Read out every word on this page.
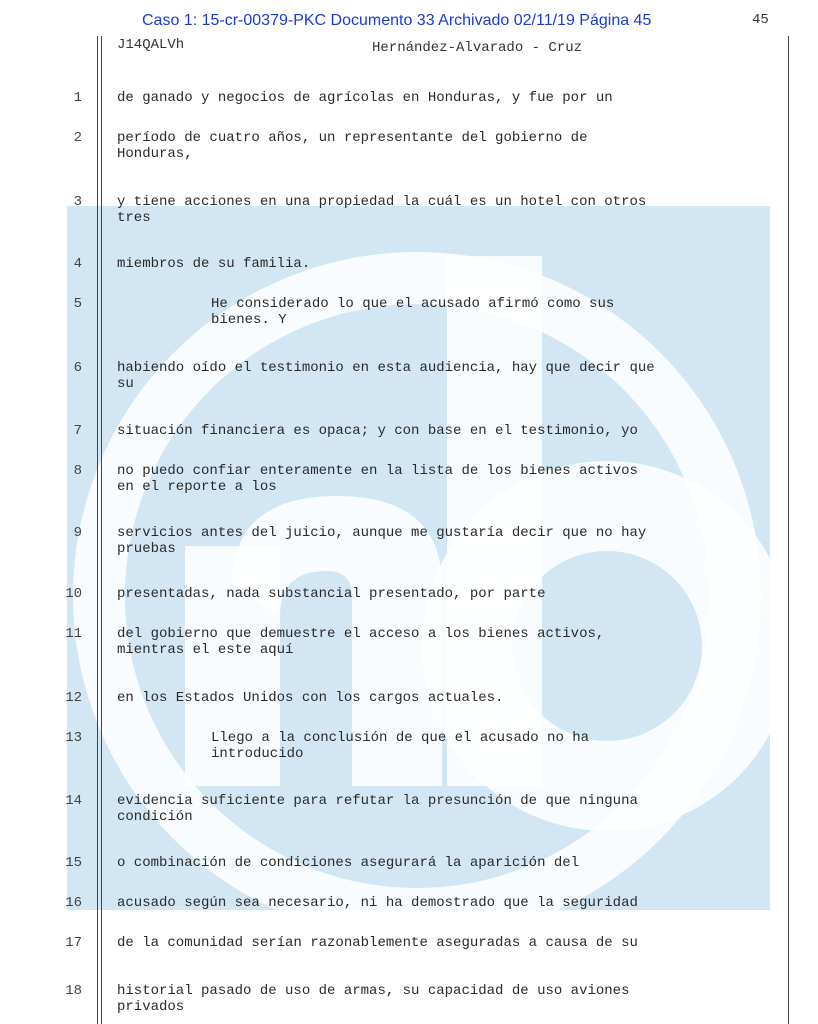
Caso 1: 15-cr-00379-PKC Documento 33 Archivado 02/11/19 Página 45	45
J14QALVh	Hernández-Alvarado - Cruz
1	de ganado y negocios de agrícolas en Honduras, y fue por un
2	período de cuatro años, un representante del gobierno de
Honduras,
3	y tiene acciones en una propiedad la cuál es un hotel con otros
tres
4	miembros de su familia.
5	He considerado lo que el acusado afirmó como sus
bienes. Y
6	habiendo oído el testimonio en esta audiencia, hay que decir que
su
7	situación financiera es opaca; y con base en el testimonio, yo
8	no puedo confiar enteramente en la lista de los bienes activos
en el reporte a los
9	servicios antes del juicio, aunque me gustaría decir que no hay
pruebas
10	presentadas, nada substancial presentado, por parte
11	del gobierno que demuestre el acceso a los bienes activos,
mientras el este aquí
12	en los Estados Unidos con los cargos actuales.
13	Llego a la conclusión de que el acusado no ha
introducido
14	evidencia suficiente para refutar la presunción de que ninguna
condición
15	o combinación de condiciones asegurará la aparición del
16	acusado según sea necesario, ni ha demostrado que la seguridad
17	de la comunidad serían razonablemente aseguradas a causa de su
18	historial pasado de uso de armas, su capacidad de uso aviones
privados
